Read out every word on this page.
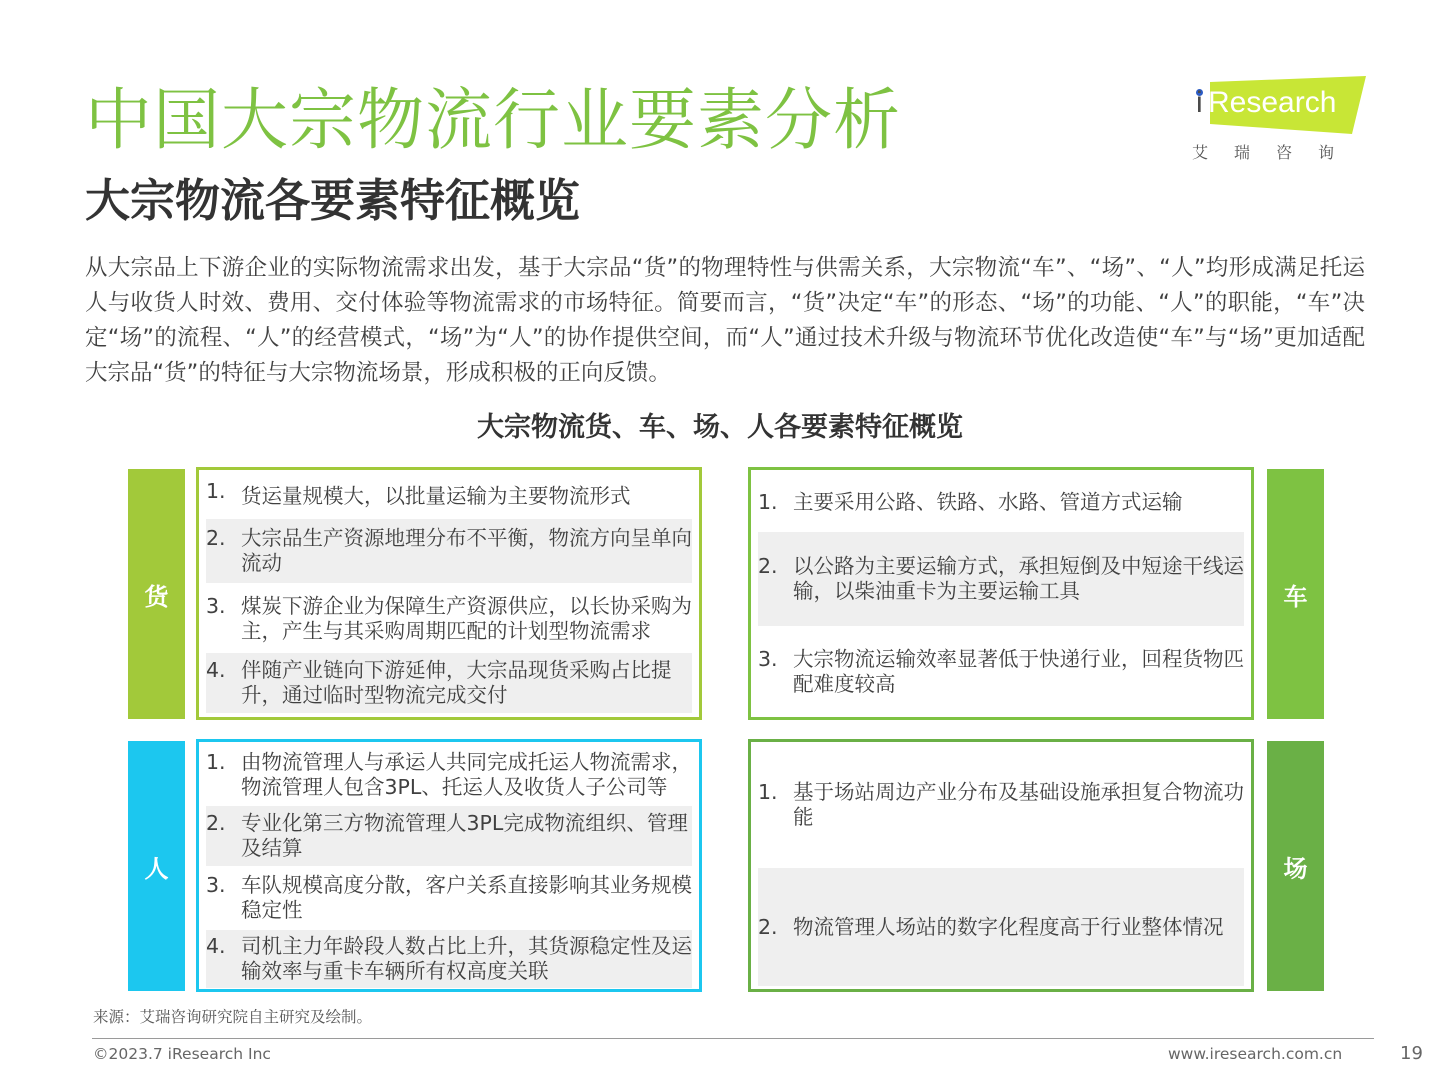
中国大宗物流行业要素分析
大宗物流各要素特征概览
i Research
艾瑞咨询

从大宗品上下游企业的实际物流需求出发，基于大宗品“货”的物理特性与供需关系，大宗物流“车”、“场”、“人”均形成满足托运人与收货人时效、费用、交付体验等物流需求的市场特征。简要而言，“货”决定“车”的形态、“场”的功能、“人”的职能，“车”决定“场”的流程、“人”的经营模式，“场”为“人”的协作提供空间，而“人”通过技术升级与物流环节优化改造使“车”与“场”更加适配大宗品“货”的特征与大宗物流场景，形成积极的正向反馈。

大宗物流货、车、场、人各要素特征概览
货
1. 货运量规模大，以批量运输为主要物流形式
2. 大宗品生产资源地理分布不平衡，物流方向呈单向流动
3. 煤炭下游企业为保障生产资源供应，以长协采购为主，产生与其采购周期匹配的计划型物流需求
4. 伴随产业链向下游延伸，大宗品现货采购占比提升，通过临时型物流完成交付
1. 主要采用公路、铁路、水路、管道方式运输
2. 以公路为主要运输方式，承担短倒及中短途干线运输，以柴油重卡为主要运输工具
3. 大宗物流运输效率显著低于快递行业，回程货物匹配难度较高
车
人
1. 由物流管理人与承运人共同完成托运人物流需求，物流管理人包含3PL、托运人及收货人子公司等
2. 专业化第三方物流管理人3PL完成物流组织、管理及结算
3. 车队规模高度分散，客户关系直接影响其业务规模稳定性
4. 司机主力年龄段人数占比上升，其货源稳定性及运输效率与重卡车辆所有权高度关联
1. 基于场站周边产业分布及基础设施承担复合物流功能
2. 物流管理人场站的数字化程度高于行业整体情况
场
来源：艾瑞咨询研究院自主研究及绘制。
©2023.7 iResearch Inc	www.iresearch.com.cn	19
